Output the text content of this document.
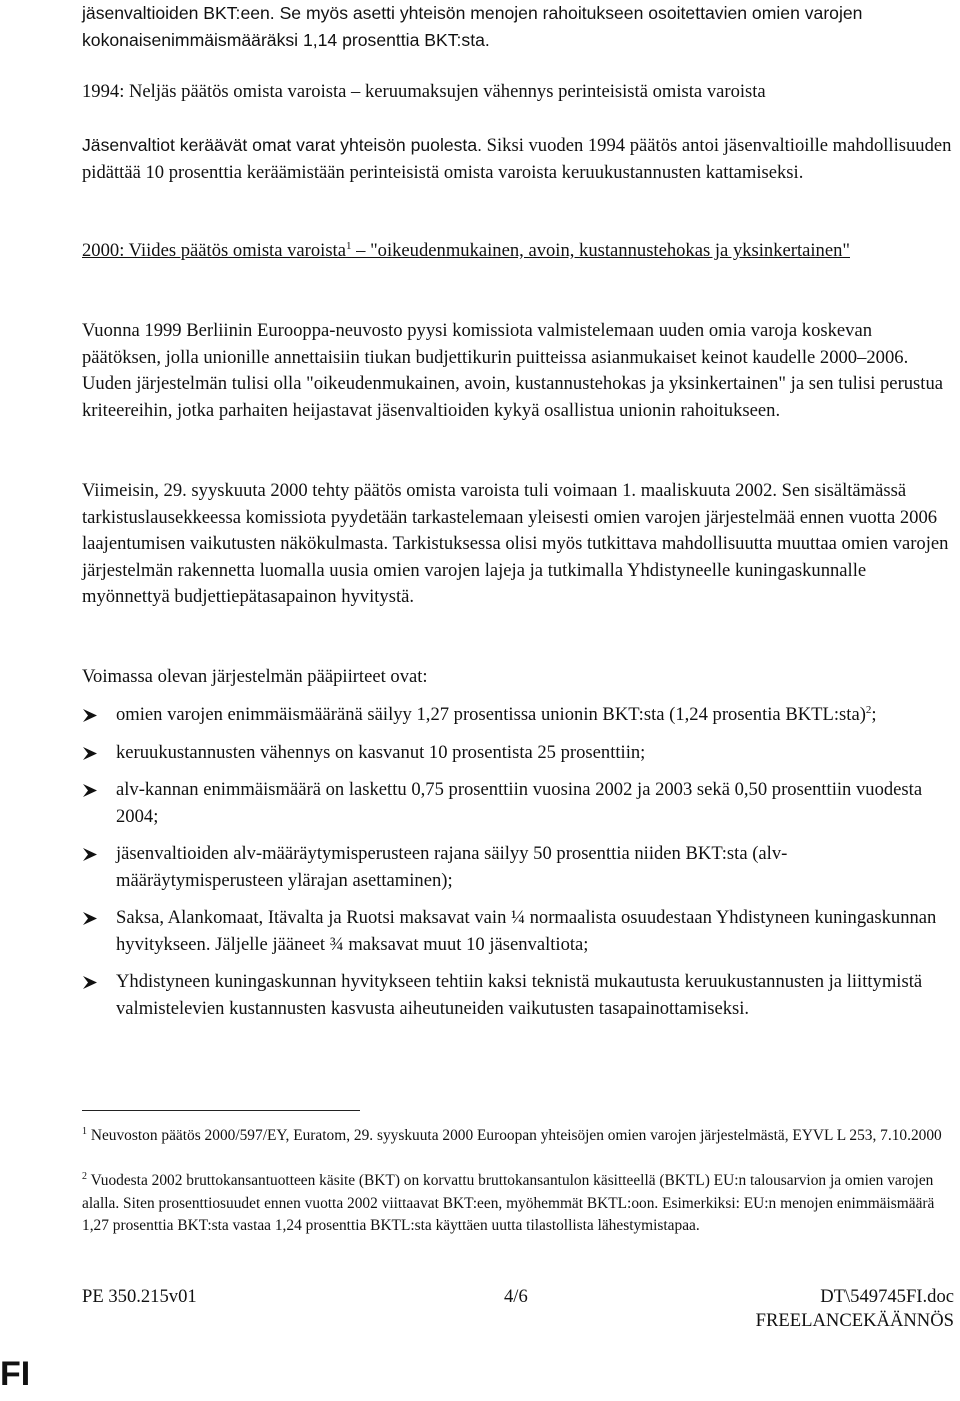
jäsenvaltioiden BKT:een. Se myös asetti yhteisön menojen rahoitukseen osoitettavien omien varojen kokonaisenimmäismääräksi 1,14 prosenttia BKT:sta.

1994: Neljäs päätös omista varoista – keruumaksujen vähennys perinteisistä omista varoista

Jäsenvaltiot keräävät omat varat yhteisön puolesta. Siksi vuoden 1994 päätös antoi jäsenvaltioille mahdollisuuden pidättää 10 prosenttia keräämistään perinteisistä omista varoista keruukustannusten kattamiseksi.

2000: Viides päätös omista varoista$^1$ – "oikeudenmukainen, avoin, kustannustehokas ja yksinkertainen"

Vuonna 1999 Berliinin Eurooppa-neuvosto pyysi komissiota valmistelemaan uuden omia varoja koskevan päätöksen, jolla unionille annettaisiin tiukan budjettikurin puitteissa asianmukaiset keinot kaudelle 2000–2006. Uuden järjestelmän tulisi olla "oikeudenmukainen, avoin, kustannustehokas ja yksinkertainen" ja sen tulisi perustua kriteereihin, jotka parhaiten heijastavat jäsenvaltioiden kykyä osallistua unionin rahoitukseen.

Viimeisin, 29. syyskuuta 2000 tehty päätös omista varoista tuli voimaan 1. maaliskuuta 2002. Sen sisältämässä tarkistuslausekkeessa komissiota pyydetään tarkastelemaan yleisesti omien varojen järjestelmää ennen vuotta 2006 laajentumisen vaikutusten näkökulmasta. Tarkistuksessa olisi myös tutkittava mahdollisuutta muuttaa omien varojen järjestelmän rakennetta luomalla uusia omien varojen lajeja ja tutkimalla Yhdistyneelle kuningaskunnalle myönnettyä budjettiepätasapainon hyvitystä.

Voimassa olevan järjestelmän pääpiirteet ovat:

omien varojen enimmäismääränä säilyy 1,27 prosentissa unionin BKT:sta (1,24 prosentia BKTL:sta)$^2$;
keruukustannusten vähennys on kasvanut 10 prosentista 25 prosenttiin;
alv-kannan enimmäismäärä on laskettu 0,75 prosenttiin vuosina 2002 ja 2003 sekä 0,50 prosenttiin vuodesta 2004;
jäsenvaltioiden alv-määräytymisperusteen rajana säilyy 50 prosenttia niiden BKT:sta (alv-määräytymisperusteen ylärajan asettaminen);
Saksa, Alankomaat, Itävalta ja Ruotsi maksavat vain ¼ normaalista osuudestaan Yhdistyneen kuningaskunnan hyvitykseen. Jäljelle jääneet ¾ maksavat muut 10 jäsenvaltiota;
Yhdistyneen kuningaskunnan hyvitykseen tehtiin kaksi teknistä mukautusta keruukustannusten ja liittymistä valmistelevien kustannusten kasvusta aiheutuneiden vaikutusten tasapainottamiseksi.

$^1$ Neuvoston päätös 2000/597/EY, Euratom, 29. syyskuuta 2000 Euroopan yhteisöjen omien varojen järjestelmästä, EYVL L 253, 7.10.2000

$^2$ Vuodesta 2002 bruttokansantuotteen käsite (BKT) on korvattu bruttokansantulon käsitteellä (BKTL) EU:n talousarvion ja omien varojen alalla. Siten prosenttiosuudet ennen vuotta 2002 viittaavat BKT:een, myöhemmät BKTL:oon. Esimerkiksi: EU:n menojen enimmäismäärä 1,27 prosenttia BKT:sta vastaa 1,24 prosenttia BKTL:sta käyttäen uutta tilastollista lähestymistapaa.

PE 350.215v01	4/6	DT\549745FI.doc
FREELANCEKÄÄNNÖS
FI
